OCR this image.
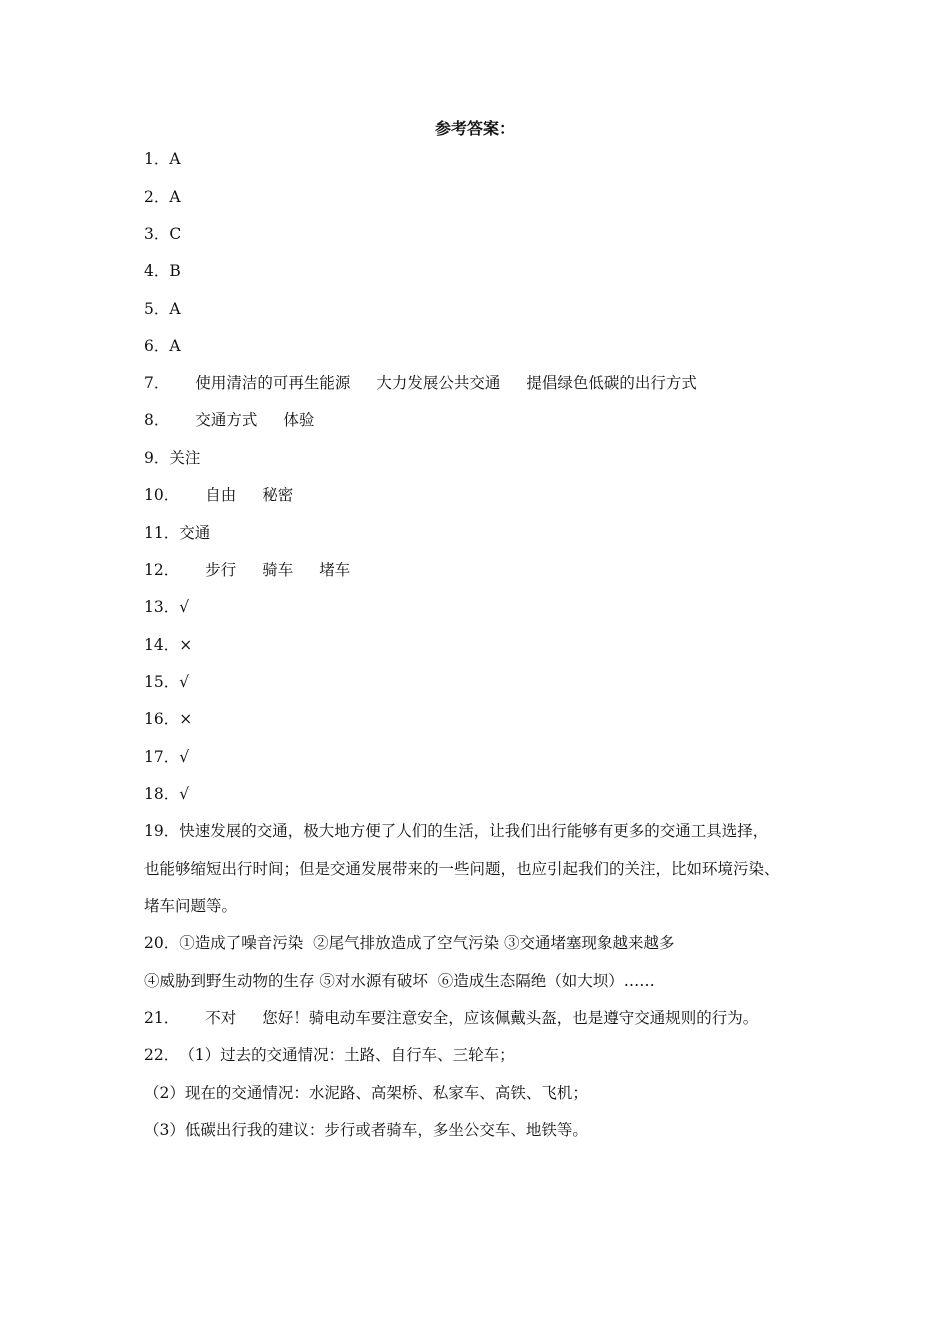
参考答案：
1．A
2．A
3．C
4．B
5．A
6．A
7． 使用清洁的可再生能源 大力发展公共交通 提倡绿色低碳的出行方式
8． 交通方式 体验
9．关注
10． 自由 秘密
11．交通
12． 步行 骑车 堵车
13．√
14．×
15．√
16．×
17．√
18．√
19．快速发展的交通，极大地方便了人们的生活，让我们出行能够有更多的交通工具选择，
也能够缩短出行时间；但是交通发展带来的一些问题，也应引起我们的关注，比如环境污染、
堵车问题等。
20．①造成了噪音污染  ②尾气排放造成了空气污染 ③交通堵塞现象越来越多
④威胁到野生动物的生存 ⑤对水源有破坏  ⑥造成生态隔绝（如大坝）……
21． 不对 您好！骑电动车要注意安全，应该佩戴头盔，也是遵守交通规则的行为。
22．（1）过去的交通情况：土路、自行车、三轮车；
（2）现在的交通情况：水泥路、高架桥、私家车、高铁、飞机；
（3）低碳出行我的建议：步行或者骑车，多坐公交车、地铁等。
